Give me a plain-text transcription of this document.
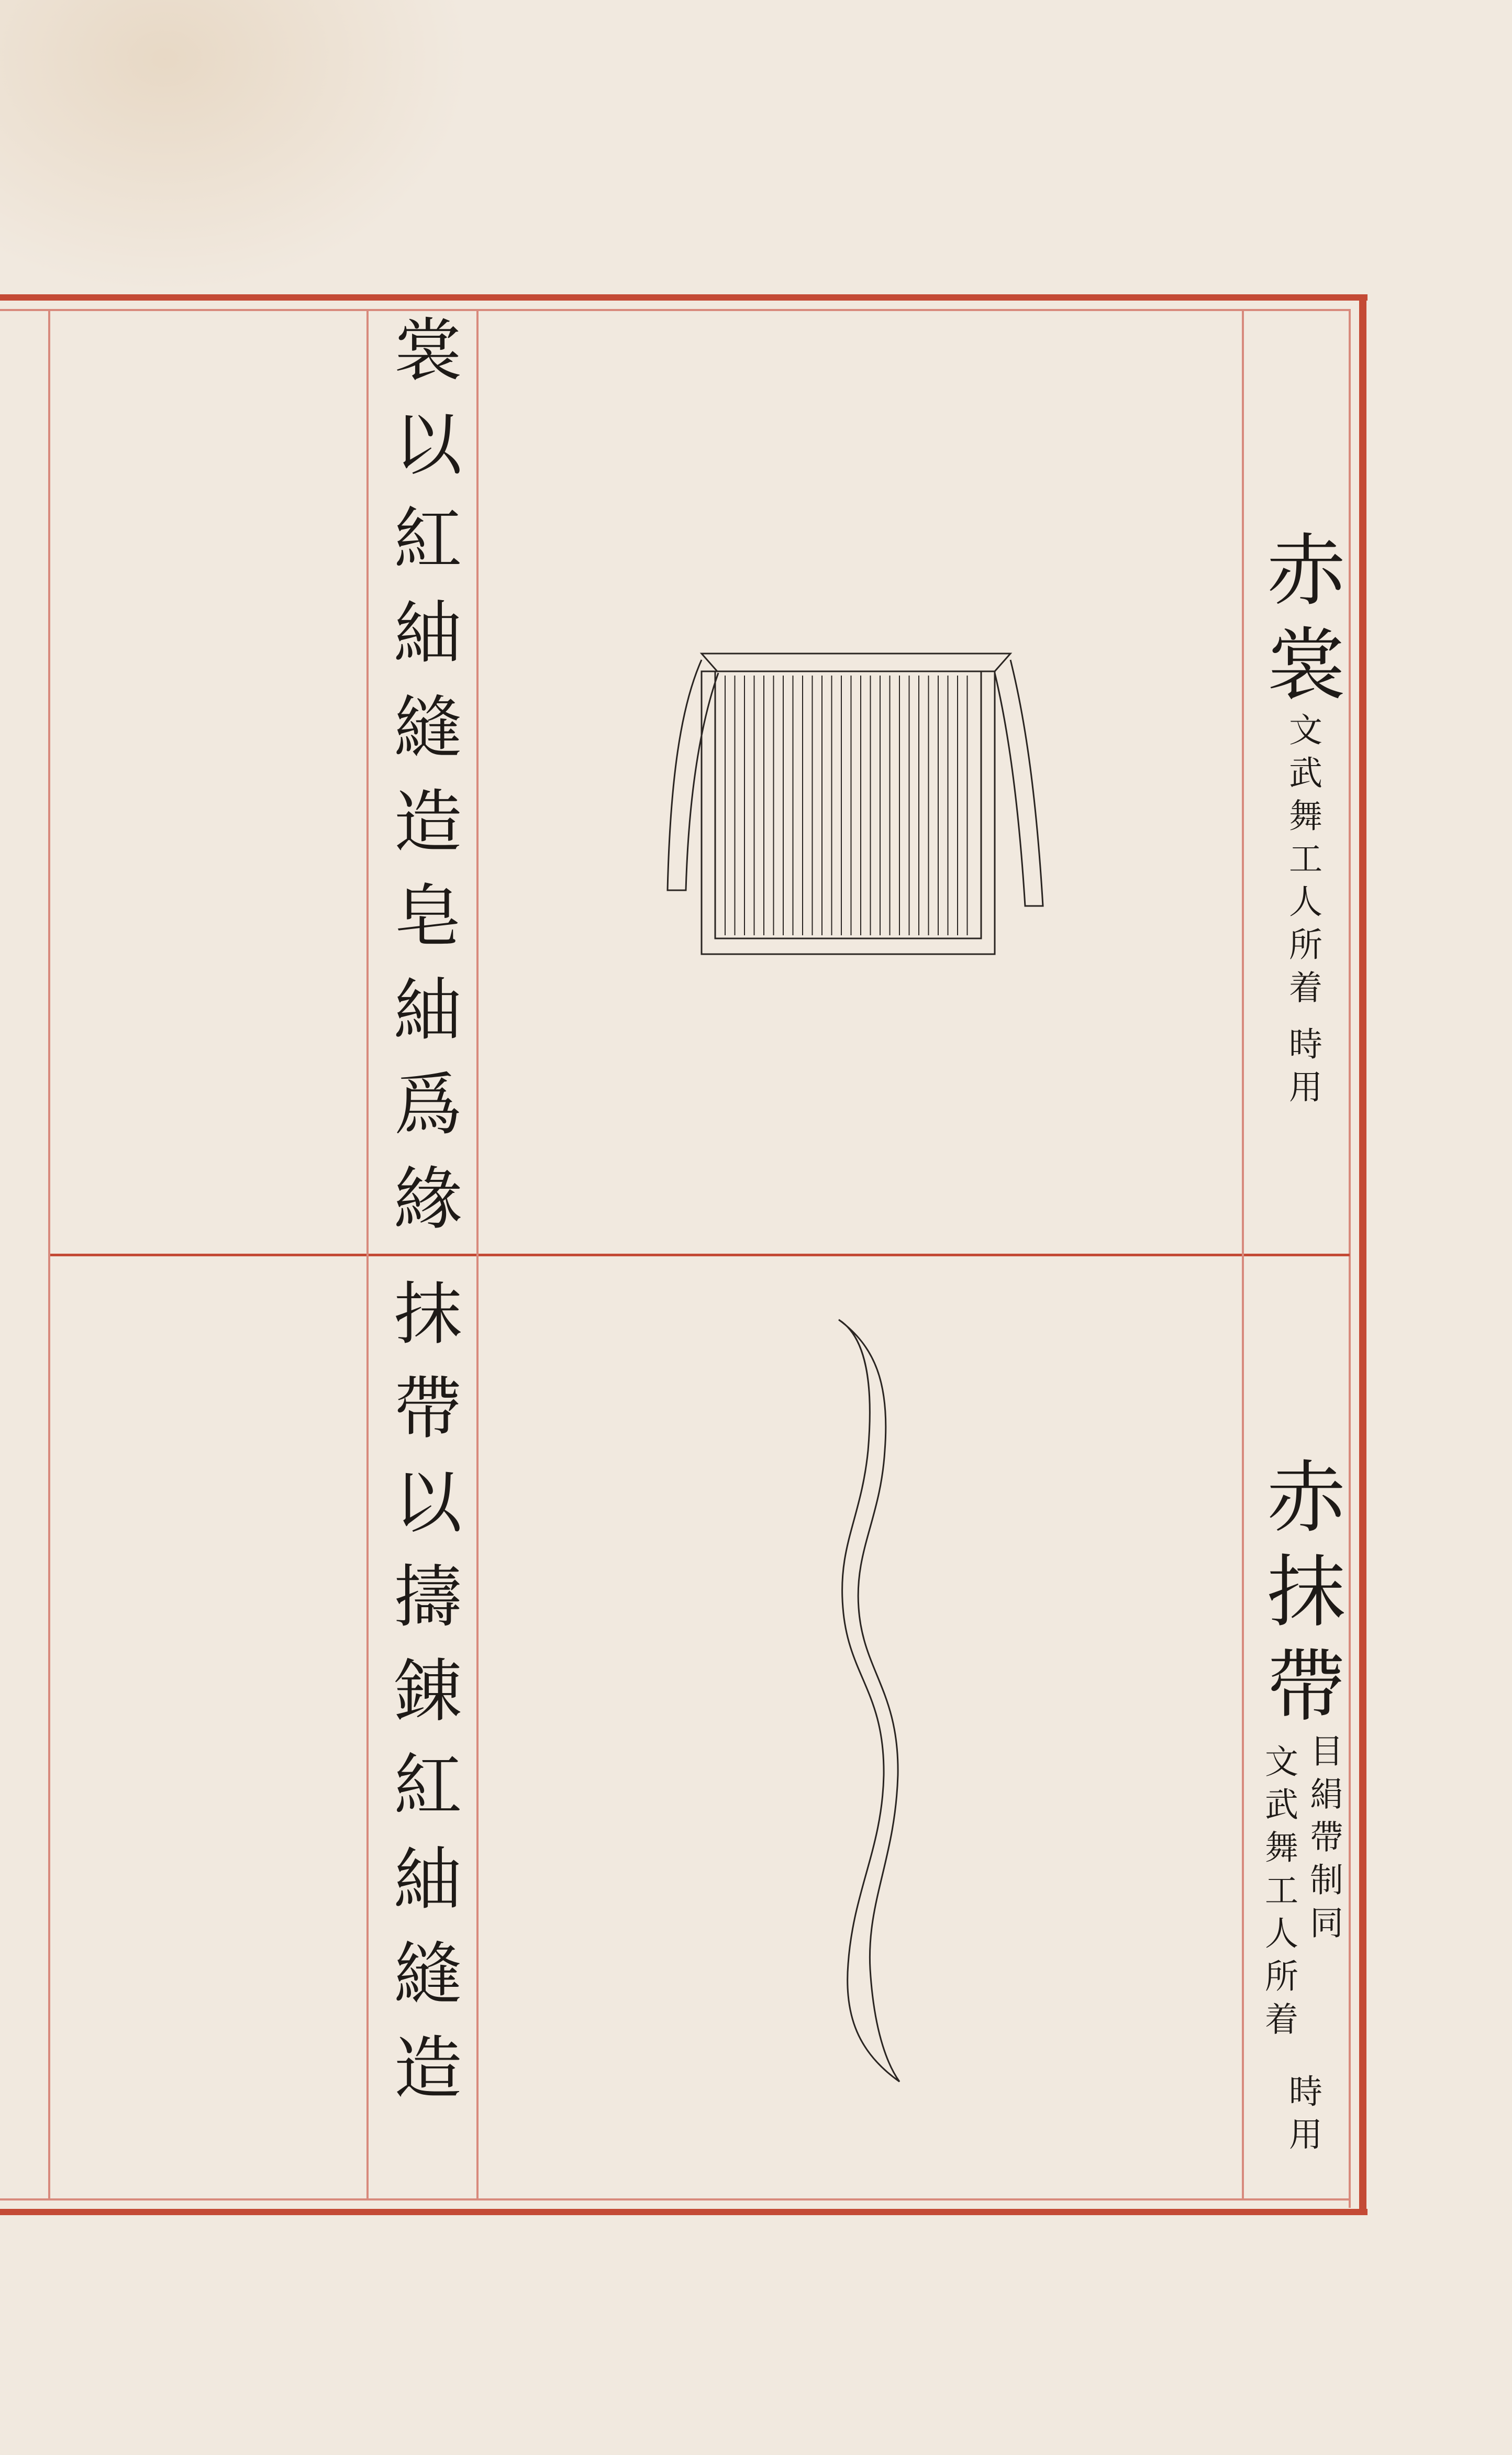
裳以紅紬縫造皂紬爲緣	赤裳
文武舞工人所着
時用
抹帶以擣錬紅紬縫造	赤抹帶
目絹帶制同
文武舞工人所着
時用
